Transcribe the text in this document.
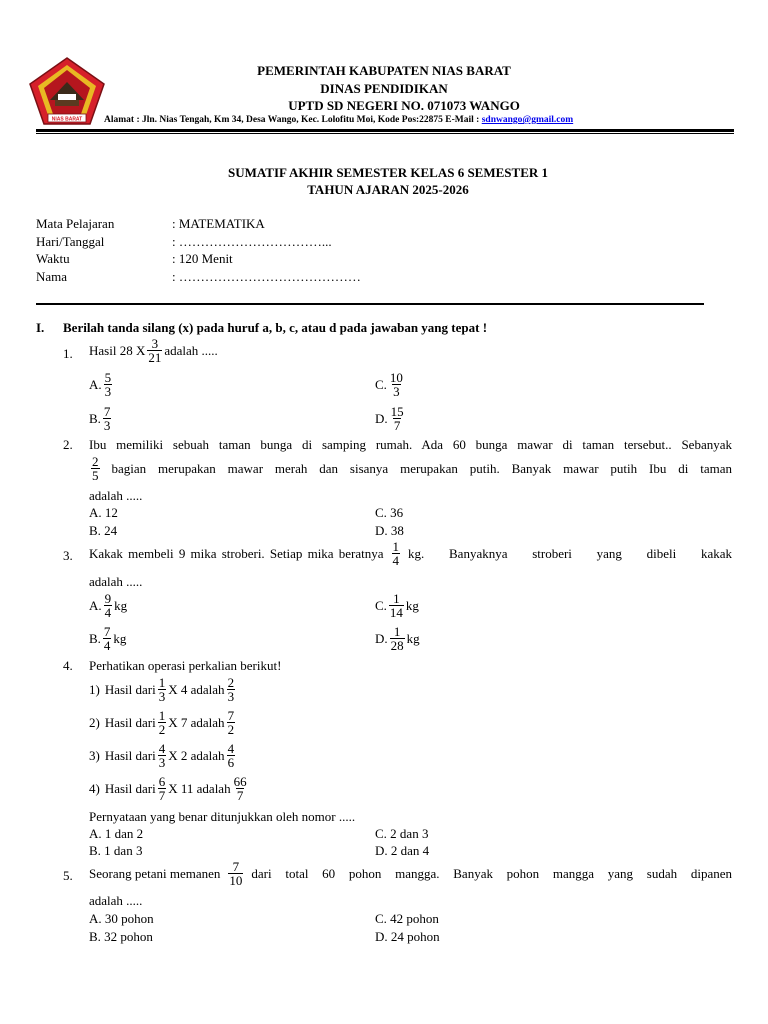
NIAS BARAT
PEMERINTAH KABUPATEN NIAS BARAT
DINAS PENDIDIKAN
UPTD SD NEGERI NO. 071073 WANGO
Alamat : Jln. Nias Tengah, Km 34, Desa Wango, Kec. Lolofitu Moi, Kode Pos:22875 E-Mail : sdnwango@gmail.com
SUMATIF AKHIR SEMESTER KELAS 6 SEMESTER 1
TAHUN AJARAN 2025-2026
Mata Pelajaran	: MATEMATIKA
Hari/Tanggal	: ……………………………...
Waktu	: 120 Menit
Nama	: ……………………………………
I. Berilah tanda silang (x) pada huruf a, b, c, atau d pada jawaban yang tepat !
1. Hasil 28 X $\frac{3}{21}$ adalah .....
A. $\frac{5}{3}$	C. $\frac{10}{3}$
B. $\frac{7}{3}$	D. $\frac{15}{7}$
2. Ibu memiliki sebuah taman bunga di samping rumah. Ada 60 bunga mawar di taman tersebut.. Sebanyak
$\frac{2}{5}$ bagian merupakan mawar merah dan sisanya merupakan putih. Banyak mawar putih Ibu di taman
adalah .....
A. 12	C. 36
B. 24	D. 38
3. Kakak membeli 9 mika stroberi. Setiap mika beratnya $\frac{1}{4}$ kg. Banyaknya stroberi yang dibeli kakak
adalah .....
A. $\frac{9}{4}$ kg	C. $\frac{1}{14}$ kg
B. $\frac{7}{4}$ kg	D. $\frac{1}{28}$ kg
4. Perhatikan operasi perkalian berikut!
1) Hasil dari $\frac{1}{3}$ X 4 adalah $\frac{2}{3}$
2) Hasil dari $\frac{1}{2}$ X 7 adalah $\frac{7}{2}$
3) Hasil dari $\frac{4}{3}$ X 2 adalah $\frac{4}{6}$
4) Hasil dari $\frac{6}{7}$ X 11 adalah $\frac{66}{7}$
Pernyataan yang benar ditunjukkan oleh nomor .....
A. 1 dan 2	C. 2 dan 3
B. 1 dan 3	D. 2 dan 4
5. Seorang petani memanen $\frac{7}{10}$ dari total 60 pohon mangga. Banyak pohon mangga yang sudah dipanen
adalah .....
A. 30 pohon	C. 42 pohon
B. 32 pohon	D. 24 pohon
